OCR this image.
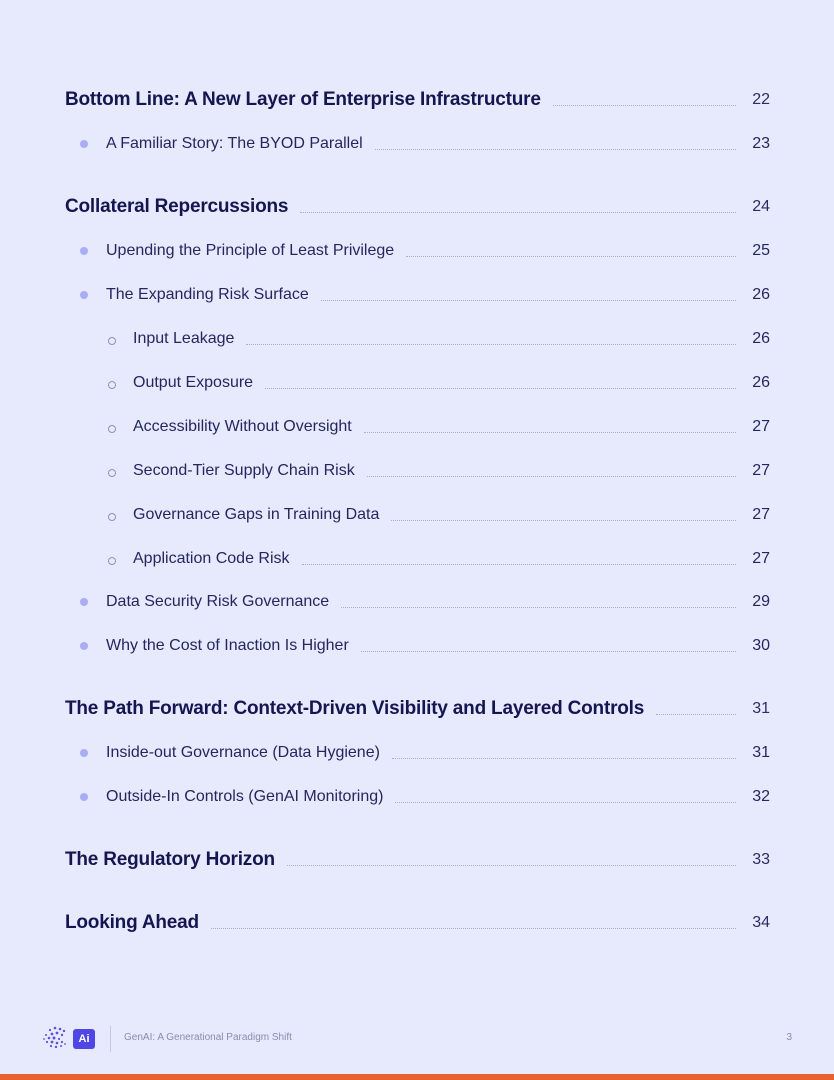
Bottom Line: A New Layer of Enterprise Infrastructure	22
A Familiar Story: The BYOD Parallel	23
Collateral Repercussions	24
Upending the Principle of Least Privilege	25
The Expanding Risk Surface	26
Input Leakage	26
Output Exposure	26
Accessibility Without Oversight	27
Second-Tier Supply Chain Risk	27
Governance Gaps in Training Data	27
Application Code Risk	27
Data Security Risk Governance	29
Why the Cost of Inaction Is Higher	30
The Path Forward: Context-Driven Visibility and Layered Controls	31
Inside-out Governance (Data Hygiene)	31
Outside-In Controls (GenAI Monitoring)	32
The Regulatory Horizon	33
Looking Ahead	34
Ai	GenAI: A Generational Paradigm Shift	3
